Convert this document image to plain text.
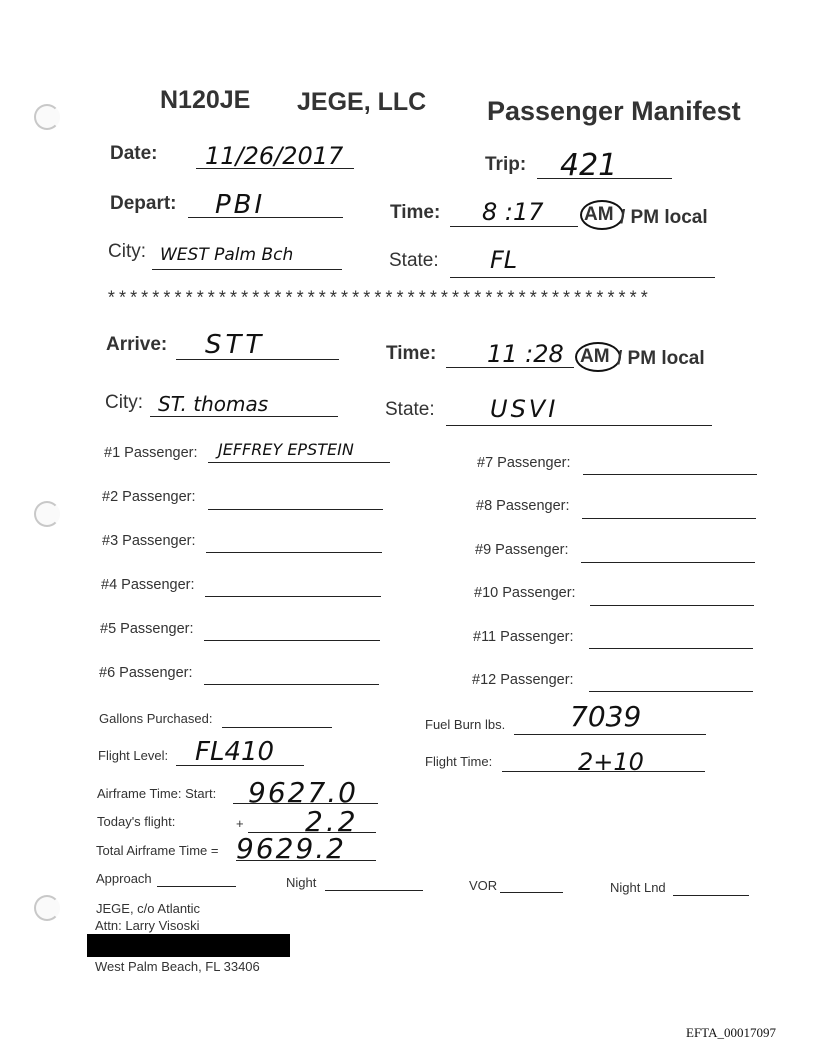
N120JE JEGE, LLC Passenger Manifest
Date: 11/26/2017	Trip: 421
Depart: PBI	Time: 8 :17 AM / PM local
City: WEST Palm Bch	State: FL
*************************************************
Arrive: STT	Time: 11 :28 AM / PM local
City: ST. thomas	State: USVI
#1 Passenger: JEFFREY EPSTEIN
#2 Passenger:
#3 Passenger:
#4 Passenger:
#5 Passenger:
#6 Passenger:
#7 Passenger:
#8 Passenger:
#9 Passenger:
#10 Passenger:
#11 Passenger:
#12 Passenger:
Gallons Purchased:	Fuel Burn lbs. 7039
Flight Level: FL410	Flight Time:	2+10
Airframe Time: Start: 9627.0
Today's flight:	+ 2.2
Total Airframe Time = 9629.2
Approach	Night	VOR	Night Lnd
JEGE, c/o Atlantic
Attn: Larry Visoski
West Palm Beach, FL 33406
EFTA_00017097
